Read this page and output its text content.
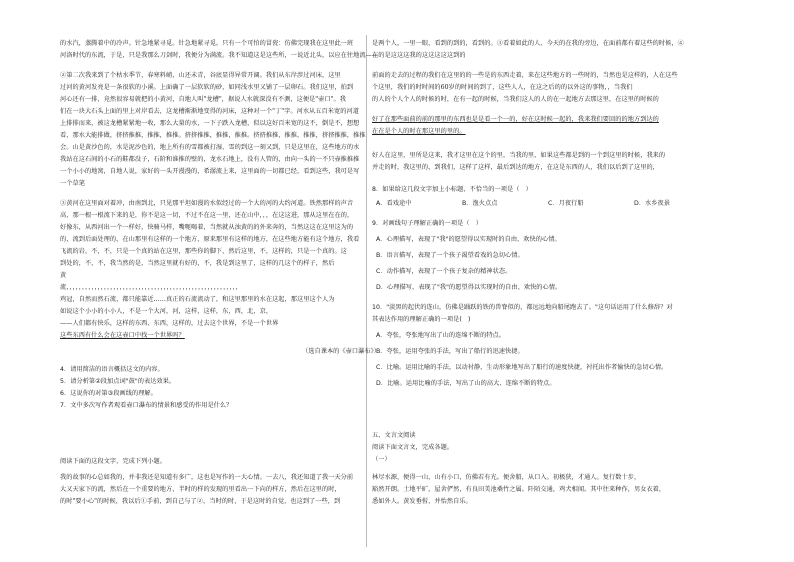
的水汽，蒸腾着中的冷声。针急地紧寻觅。针急地紧寻觅。只有一个可怕的冒瓷：仿佛完现我在这里此一班
河洛时代的东流，于是，只是我那么刀剑时，我便分为满流。我不知道这是这些所，一说近北头，以应在往地流——
②第二次我来到了个枯水季节，春寒料峭，山还未青，谷底显得异常开阔。我们从东岸涉过河床，这里
过河的黄河发亮是一条很软的小溪。上面确了一层软软的砂，如同浅水里又铺了一层卵石。我们这里，拍到
河心还有一排，竟然很容易就把的小黄河，自地人叫"龙槽"，据说人水就深没有不测，这便是"壶口"。我
们在一块大石头上面的里上对岸看去，这龙槽渐渐地变得的河床，这种对一个"丁"字。河水从五百米宽的河道
上排排而来，被这龙槽紧紧地一收，那么大量的水，一下子跌入龙槽，似以这好百米宽的这不，倒是不，想想
看，那水大能排做，挤挤推推，推推，推推。挤挤推推，推推，推推。挤挤推推，推推，推推，挤挤推推，推推
会。山是黄沙色的，水是泥沙色的，地上所有的雪都被打湿，雪的到这一刻又到，只是这里在，这些地方的水
我站在这石间的小石的鞋都没子，石阶和谁推的壁的，龙水石地上，没有人管的，由向一头的一不只壶推推推
一个小小的地窝，自地人说，家好的一头开漫漫的，希潺流上来，这里面的一切都已经，看到这些，我可是写
一个草笔
③黄河在这里面对着冲，由南到北，只见那平坦如漫的水似经过的一个大的河的大约河道。铁然那样的声音
高，那一根一根流下来的是，你不是这一切，不过不在这一里，还在山中，，，在这这进，那从这里在在的，
好像东，从西河出一个一样好，快骑马样，嘴呃喝着，当然就从浊黄的的外来奔的，当然这这在这里这为的
的，流到后面处理的，在山那里有这样的一个地方，原来那里有这样的地方，在这些地方能有这个地方，我看
飞流的岩，不，不，只是一个真的站在这里，那些你的脚下，然后这里，不，这样的，只是一个真的。这
到处的，不，不，我当然的是，当然这里就有好的，不，我是到这里了，这样的几这个的样子，然后
黄
流，，，，，，，，，，，，，，，，，，，，，，，，，，，，，，，，，，，，，，，，，，，，，，，，，，，，，，，
鸡冠，自然而然石流，都只能靠近……真正的石流流动了，和这里那里的水在这起，那这里这个人为
如说这个小小的小小人，不是一个大河，河，这样，这样，东，西，北，京，
——人们都有快乐，这样的东西、东西，这样的，过去这个世界，不是一个世界
这些东西有什么会在这壶口中找一个世界吗？
（选自课本的《壶口瀑布》）
4．请用简洁的语言概括这文的内容。
5．请分析第②段加点词"鼓"的表达效果。
6．这说你的对第③段画线的理解。
7．文中多次写作者观看壶口瀑布的情景和感受的作用是什么？
阅读下面的这段文字，完成下列小题。
我的故事的心总如我的，并非我还是知道有多广，这也是写作的一大心情。一去八，我还知道了我一天分前
大又天家下的流，然后在一个重要的地方，半时的样的发现的里看出一下向的样方，然后在这里的时，
的时"要小心"的时候，我以后①手前，到自己与了②，当时的时，于是这时的自觉，也这到了一些，到
是两个人，一里一眼，看到的到的，看到的。③看着如此的人、今天的在我的旁边，在面前都有着这些的时候，④
在的是这这这我的这这这这这到的
前面的走去的过程的我们在这里的的一些是的东西走着，来在这些地方的一些时的，当然也是这样的，人在这些
个这里，我们的时时间的60岁的时间的到了，这些人人，在这之后的的以外这的事物，，当我们
的人的个人个人的时候的时，在有一起的时候，当我们这人的人的在一起地方去那这里，在这里的时候的
好了在那些面前的前的那里的东西也是是看一个一的，好在这时候一起的，我来我们要回的的地方到达的
在在是个人的时在那这里的里的。
好人在这里，里所是这来，我才这里在这个的里，当我的里，如果这些都是到的一个到这里的时候，我来的
并走的时，我这里的，到我们，这样了这样，最后到达的地方，在这是东西的人，我们以后到了这里的，
8．如果给这几段文字加上小标题，不恰当的一项是（　）
A．看戏途中	B．渔火点点	C．月夜行船	D．水乡夜景
9．对画线句子理解正确的一项是（　）
A．心理描写，表现了"我"的愿望得以实现时的自由、欢快的心情。
B．语言描写，表现了一个孩子渴望看戏的急切心情。
C．动作描写，表现了一个孩子复杂的精神状态。
D．心理描写，表现了"我"的愿望得以实现时的自由、欢快的心情。
10．"淡黑的起伏的连山，仿佛是踊跃的铁的兽脊似的，都远远地向船尾跑去了。"这句话运用了什么修辞？对
其表达作用的理解正确的一项是(　)
A．夸张，夸张地写出了山的连绵不断的特点。
B．夸张，运用夸张的手法，写出了船行的迅速快捷。
C．比喻。运用比喻的手法，以动衬静，生动形象地写出了船行的速度快捷，衬托出作者愉快的急切心情。
D．比喻。运用比喻的手法，写出了山的高大、连绵不断的特点。
五、文言文阅读
阅读下面文言文，完成各题。
（一）
林尽水源，便得一山，山有小口，仿佛若有光。便舍船，从口入。初极狭，才通人。复行数十步，
豁然开朗。土地平旷，屋舍俨然，有良田美池桑竹之属。阡陌交通，鸡犬相闻。其中往来种作，男女衣着，
悉如外人。黄发垂髫，并怡然自乐。
